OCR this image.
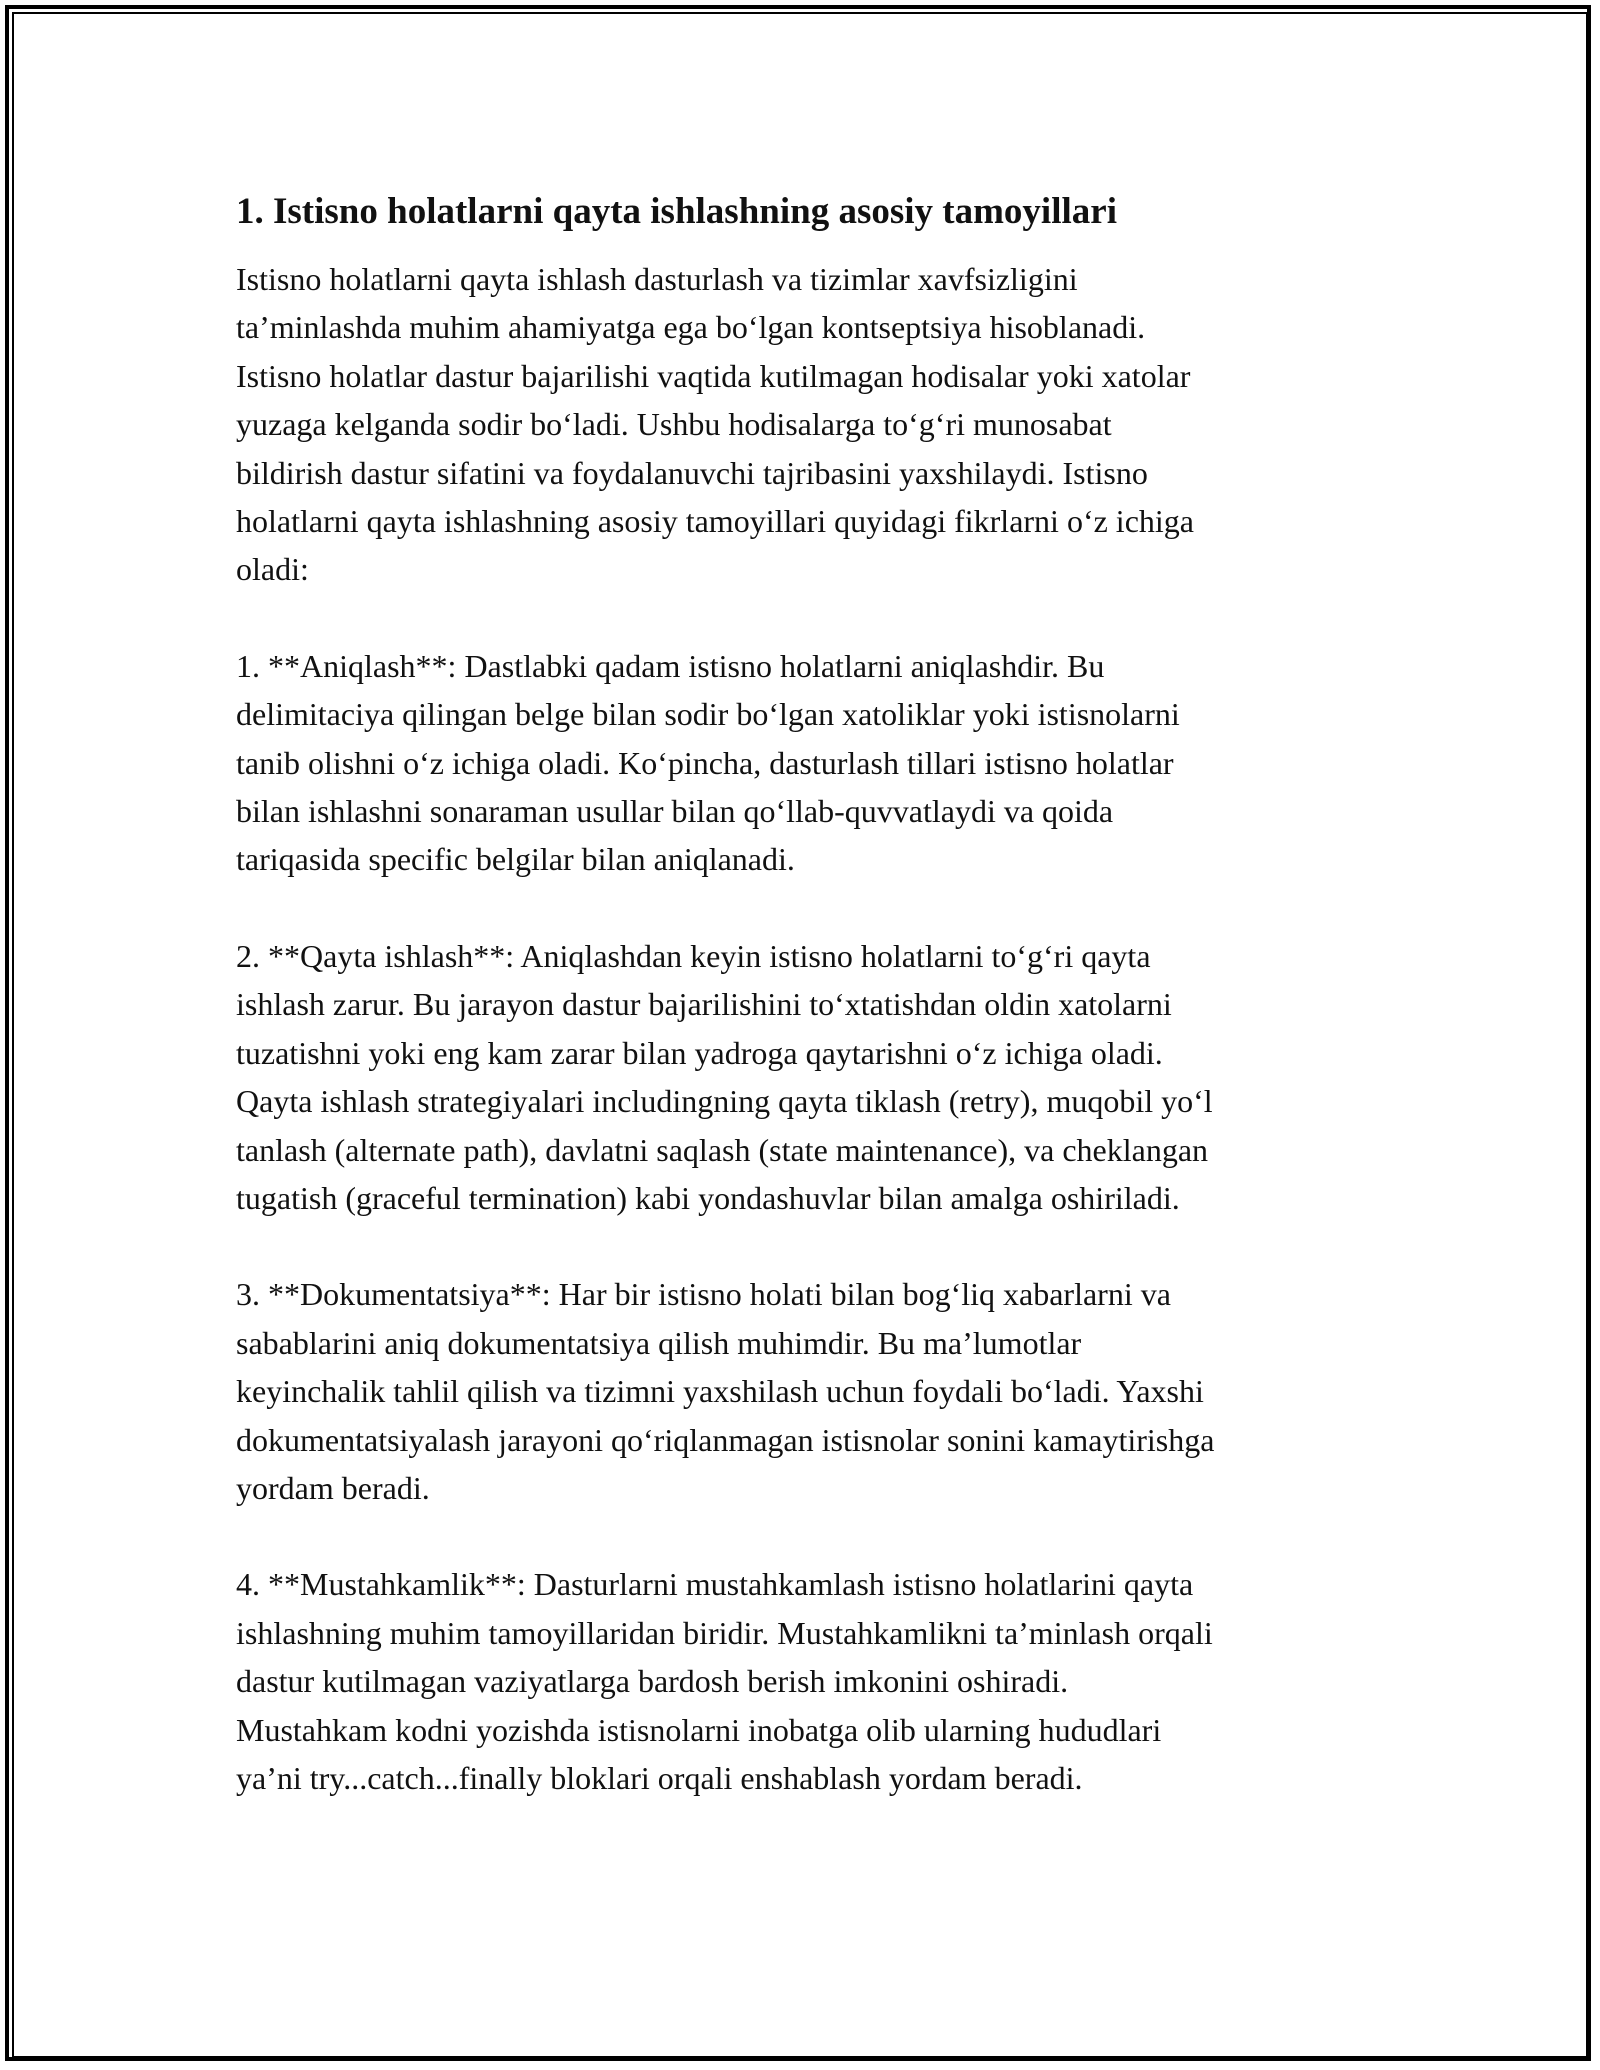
1. Istisno holatlarni qayta ishlashning asosiy tamoyillari

Istisno holatlarni qayta ishlash dasturlash va tizimlar xavfsizligini
ta’minlashda muhim ahamiyatga ega bo‘lgan kontseptsiya hisoblanadi.
Istisno holatlar dastur bajarilishi vaqtida kutilmagan hodisalar yoki xatolar
yuzaga kelganda sodir bo‘ladi. Ushbu hodisalarga to‘g‘ri munosabat
bildirish dastur sifatini va foydalanuvchi tajribasini yaxshilaydi. Istisno
holatlarni qayta ishlashning asosiy tamoyillari quyidagi fikrlarni o‘z ichiga
oladi:

1. **Aniqlash**: Dastlabki qadam istisno holatlarni aniqlashdir. Bu
delimitaciya qilingan belge bilan sodir bo‘lgan xatoliklar yoki istisnolarni
tanib olishni o‘z ichiga oladi. Ko‘pincha, dasturlash tillari istisno holatlar
bilan ishlashni sonaraman usullar bilan qo‘llab-quvvatlaydi va qoida
tariqasida specific belgilar bilan aniqlanadi.

2. **Qayta ishlash**: Aniqlashdan keyin istisno holatlarni to‘g‘ri qayta
ishlash zarur. Bu jarayon dastur bajarilishini to‘xtatishdan oldin xatolarni
tuzatishni yoki eng kam zarar bilan yadroga qaytarishni o‘z ichiga oladi.
Qayta ishlash strategiyalari includingning qayta tiklash (retry), muqobil yo‘l
tanlash (alternate path), davlatni saqlash (state maintenance), va cheklangan
tugatish (graceful termination) kabi yondashuvlar bilan amalga oshiriladi.

3. **Dokumentatsiya**: Har bir istisno holati bilan bog‘liq xabarlarni va
sabablarini aniq dokumentatsiya qilish muhimdir. Bu ma’lumotlar
keyinchalik tahlil qilish va tizimni yaxshilash uchun foydali bo‘ladi. Yaxshi
dokumentatsiyalash jarayoni qo‘riqlanmagan istisnolar sonini kamaytirishga
yordam beradi.

4. **Mustahkamlik**: Dasturlarni mustahkamlash istisno holatlarini qayta
ishlashning muhim tamoyillaridan biridir. Mustahkamlikni ta’minlash orqali
dastur kutilmagan vaziyatlarga bardosh berish imkonini oshiradi.
Mustahkam kodni yozishda istisnolarni inobatga olib ularning hududlari
ya’ni try...catch...finally bloklari orqali enshablash yordam beradi.
